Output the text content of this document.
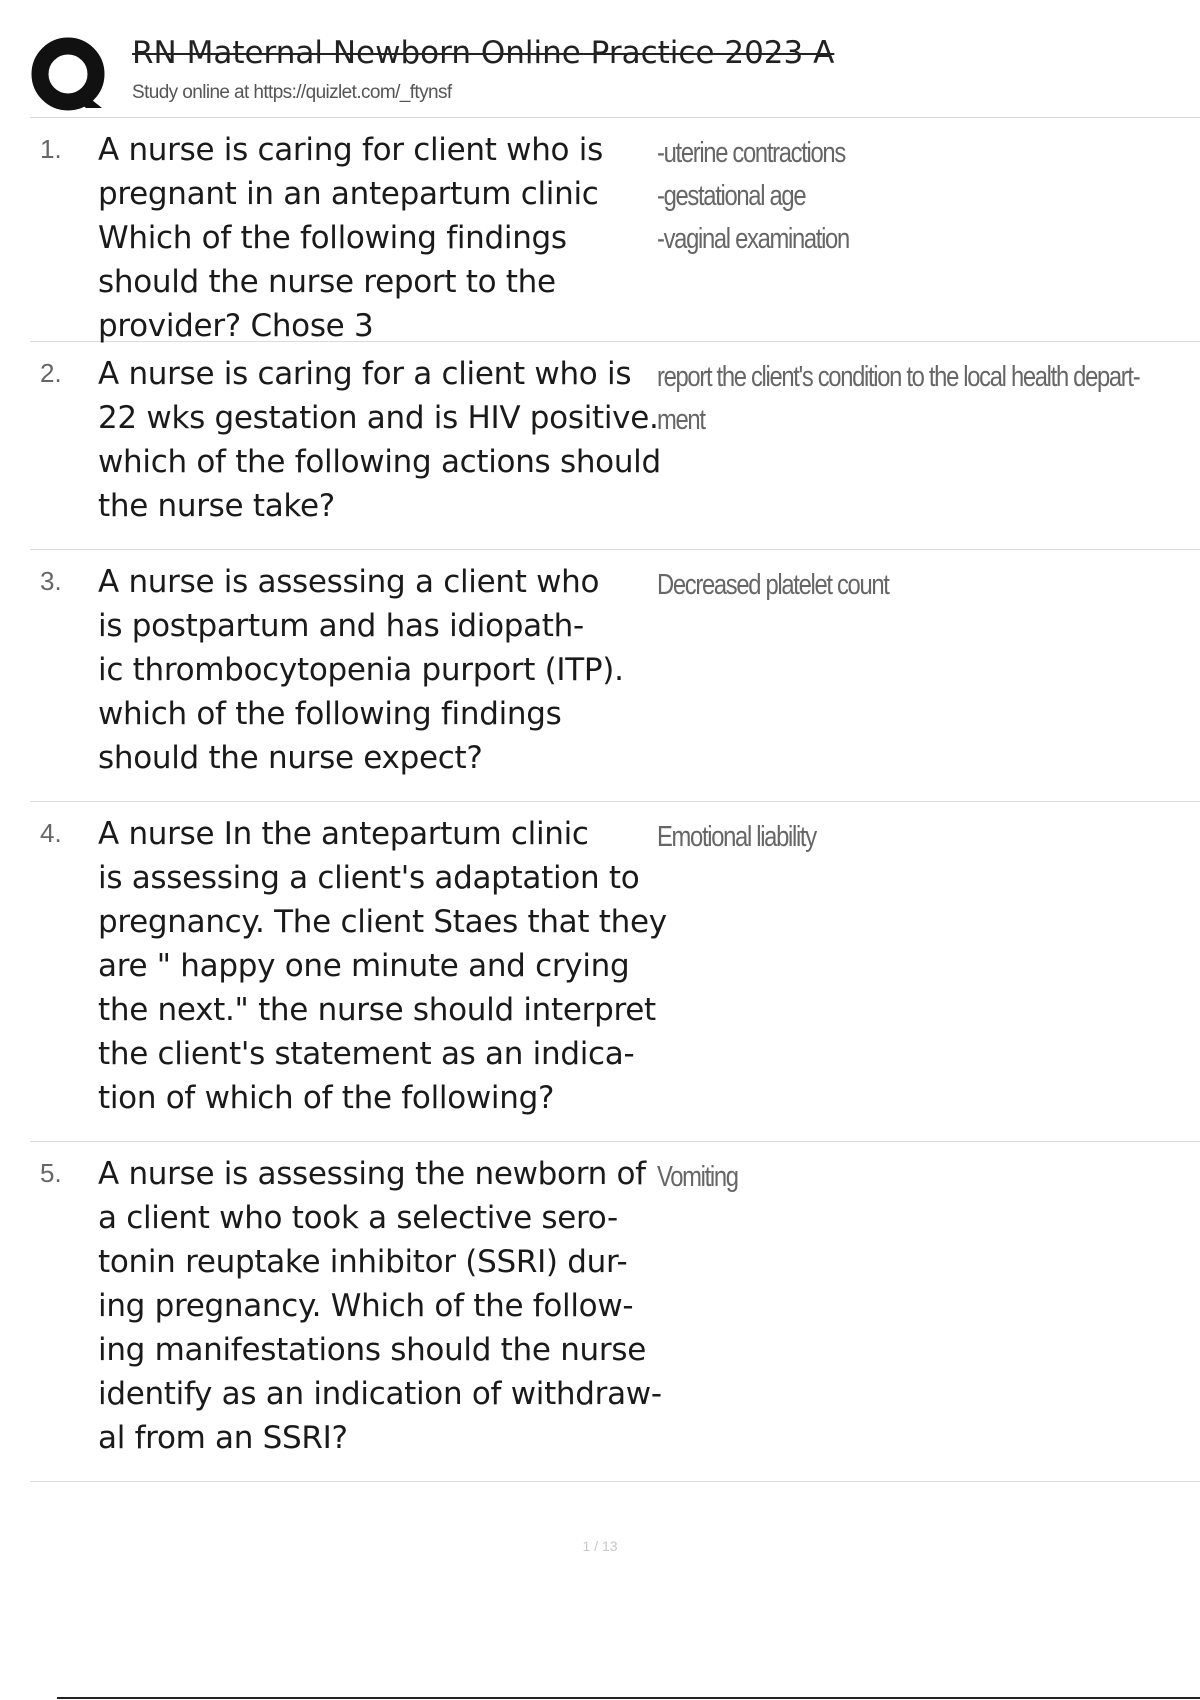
RN Maternal Newborn Online Practice 2023 A
Study online at https://quizlet.com/_ftynsf
1. A nurse is caring for client who is
pregnant in an antepartum clinic
Which of the following findings
should the nurse report to the
provider? Chose 3
-uterine contractions
-gestational age
-vaginal examination
2. A nurse is caring for a client who is
22 wks gestation and is HIV positive.
which of the following actions should
the nurse take?
report the client's condition to the local health depart-
ment
3. A nurse is assessing a client who
is postpartum and has idiopath-
ic thrombocytopenia purport (ITP).
which of the following findings
should the nurse expect?
Decreased platelet count
4. A nurse In the antepartum clinic
is assessing a client's adaptation to
pregnancy. The client Staes that they
are " happy one minute and crying
the next." the nurse should interpret
the client's statement as an indica-
tion of which of the following?
Emotional liability
5. A nurse is assessing the newborn of
a client who took a selective sero-
tonin reuptake inhibitor (SSRI) dur-
ing pregnancy. Which of the follow-
ing manifestations should the nurse
identify as an indication of withdraw-
al from an SSRI?
Vomiting
1 / 13
